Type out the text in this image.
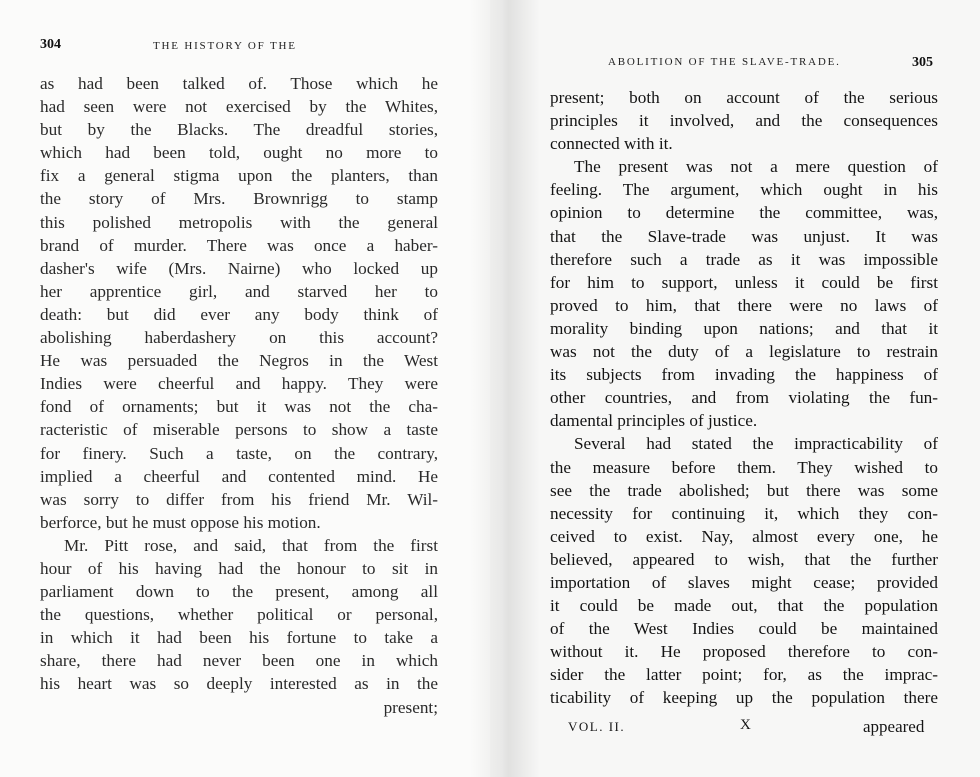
304	THE HISTORY OF THE
as had been talked of. Those which he
had seen were not exercised by the Whites,
but by the Blacks. The dreadful stories,
which had been told, ought no more to
fix a general stigma upon the planters, than
the story of Mrs. Brownrigg to stamp
this polished metropolis with the general
brand of murder. There was once a haber-
dasher's wife (Mrs. Nairne) who locked up
her apprentice girl, and starved her to
death: but did ever any body think of
abolishing haberdashery on this account?
He was persuaded the Negros in the West
Indies were cheerful and happy. They were
fond of ornaments; but it was not the cha-
racteristic of miserable persons to show a taste
for finery. Such a taste, on the contrary,
implied a cheerful and contented mind. He
was sorry to differ from his friend Mr. Wil-
berforce, but he must oppose his motion.
Mr. Pitt rose, and said, that from the first
hour of his having had the honour to sit in
parliament down to the present, among all
the questions, whether political or personal,
in which it had been his fortune to take a
share, there had never been one in which
his heart was so deeply interested as in the
present;
ABOLITION OF THE SLAVE-TRADE.	305
present; both on account of the serious
principles it involved, and the consequences
connected with it.
The present was not a mere question of
feeling. The argument, which ought in his
opinion to determine the committee, was,
that the Slave-trade was unjust. It was
therefore such a trade as it was impossible
for him to support, unless it could be first
proved to him, that there were no laws of
morality binding upon nations; and that it
was not the duty of a legislature to restrain
its subjects from invading the happiness of
other countries, and from violating the fun-
damental principles of justice.
Several had stated the impracticability of
the measure before them. They wished to
see the trade abolished; but there was some
necessity for continuing it, which they con-
ceived to exist. Nay, almost every one, he
believed, appeared to wish, that the further
importation of slaves might cease; provided
it could be made out, that the population
of the West Indies could be maintained
without it. He proposed therefore to con-
sider the latter point; for, as the imprac-
ticability of keeping up the population there
VOL. II.	X	appeared
